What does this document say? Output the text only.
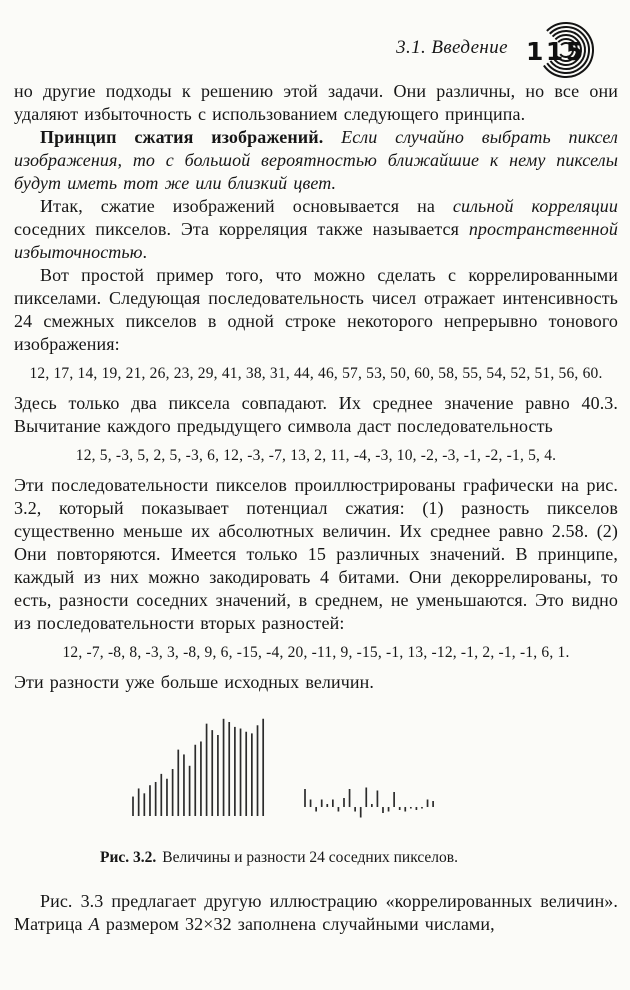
3.1. Введение 115

но другие подходы к решению этой задачи. Они различны, но все они удаляют избыточность с использованием следующего принципа.

Принцип сжатия изображений. Если случайно выбрать пиксел изображения, то с большой вероятностью ближайшие к нему пикселы будут иметь тот же или близкий цвет.

Итак, сжатие изображений основывается на сильной корреляции соседних пикселов. Эта корреляция также называется пространственной избыточностью.

Вот простой пример того, что можно сделать с коррелированными пикселами. Следующая последовательность чисел отражает интенсивность 24 смежных пикселов в одной строке некоторого непрерывно тонового изображения:

12, 17, 14, 19, 21, 26, 23, 29, 41, 38, 31, 44, 46, 57, 53, 50, 60, 58, 55, 54, 52, 51, 56, 60.

Здесь только два пиксела совпадают. Их среднее значение равно 40.3. Вычитание каждого предыдущего символа даст последовательность

12, 5, -3, 5, 2, 5, -3, 6, 12, -3, -7, 13, 2, 11, -4, -3, 10, -2, -3, -1, -2, -1, 5, 4.

Эти последовательности пикселов проиллюстрированы графически на рис. 3.2, который показывает потенциал сжатия: (1) разность пикселов существенно меньше их абсолютных величин. Их среднее равно 2.58. (2) Они повторяются. Имеется только 15 различных значений. В принципе, каждый из них можно закодировать 4 битами. Они декоррелированы, то есть, разности соседних значений, в среднем, не уменьшаются. Это видно из последовательности вторых разностей:

12, -7, -8, 8, -3, 3, -8, 9, 6, -15, -4, 20, -11, 9, -15, -1, 13, -12, -1, 2, -1, -1, 6, 1.

Эти разности уже больше исходных величин.

Рис. 3.2. Величины и разности 24 соседних пикселов.

Рис. 3.3 предлагает другую иллюстрацию «коррелированных величин». Матрица A размером 32×32 заполнена случайными числами,
